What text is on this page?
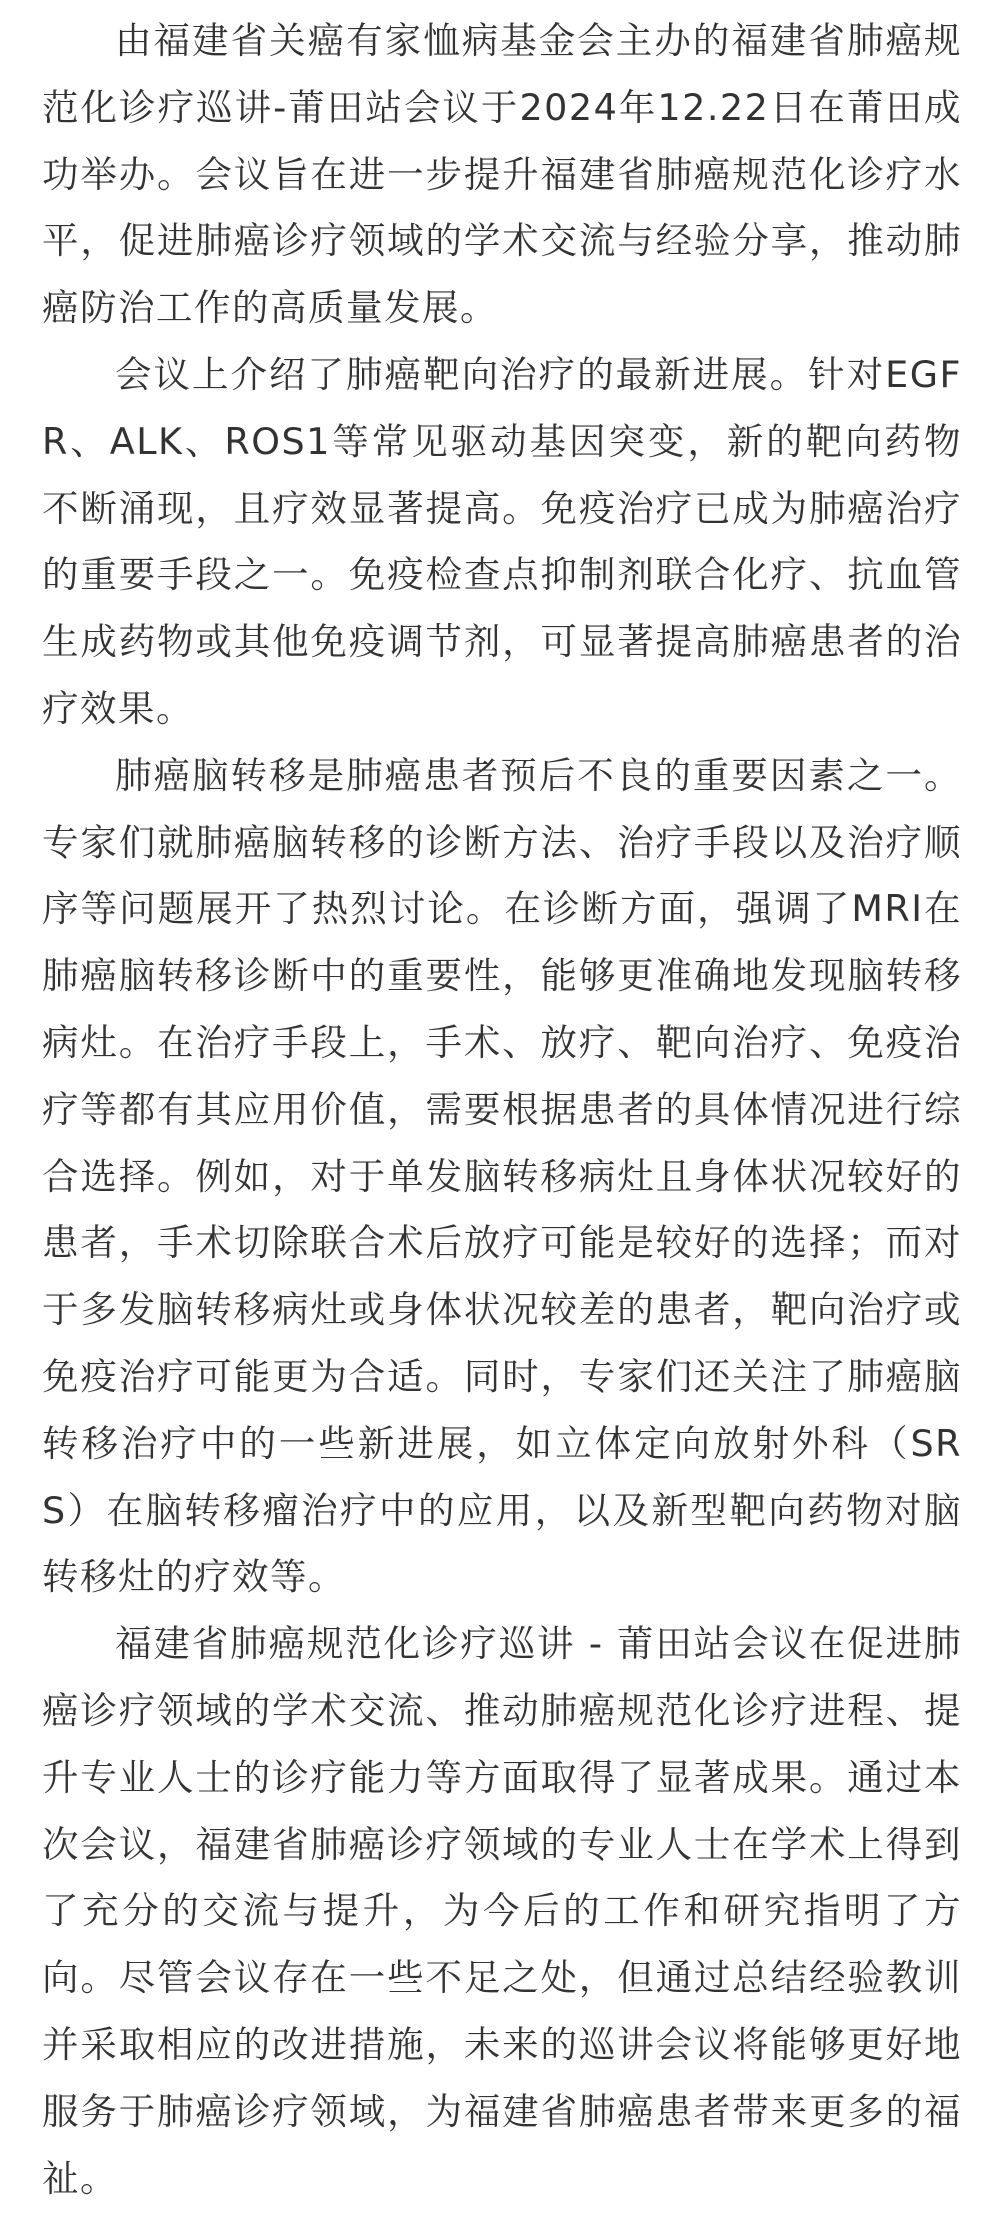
由福建省关癌有家恤病基金会主办的福建省肺癌规范化诊疗巡讲-莆田站会议于2024年12.22日在莆田成功举办。会议旨在进一步提升福建省肺癌规范化诊疗水平，促进肺癌诊疗领域的学术交流与经验分享，推动肺癌防治工作的高质量发展。

会议上介绍了肺癌靶向治疗的最新进展。针对EGFR、ALK、ROS1等常见驱动基因突变，新的靶向药物不断涌现，且疗效显著提高。免疫治疗已成为肺癌治疗的重要手段之一。免疫检查点抑制剂联合化疗、抗血管生成药物或其他免疫调节剂，可显著提高肺癌患者的治疗效果。

肺癌脑转移是肺癌患者预后不良的重要因素之一。专家们就肺癌脑转移的诊断方法、治疗手段以及治疗顺序等问题展开了热烈讨论。在诊断方面，强调了MRI在肺癌脑转移诊断中的重要性，能够更准确地发现脑转移病灶。在治疗手段上，手术、放疗、靶向治疗、免疫治疗等都有其应用价值，需要根据患者的具体情况进行综合选择。例如，对于单发脑转移病灶且身体状况较好的患者，手术切除联合术后放疗可能是较好的选择；而对于多发脑转移病灶或身体状况较差的患者，靶向治疗或免疫治疗可能更为合适。同时，专家们还关注了肺癌脑转移治疗中的一些新进展，如立体定向放射外科（SRS）在脑转移瘤治疗中的应用，以及新型靶向药物对脑转移灶的疗效等。

福建省肺癌规范化诊疗巡讲 - 莆田站会议在促进肺癌诊疗领域的学术交流、推动肺癌规范化诊疗进程、提升专业人士的诊疗能力等方面取得了显著成果。通过本次会议，福建省肺癌诊疗领域的专业人士在学术上得到了充分的交流与提升，为今后的工作和研究指明了方向。尽管会议存在一些不足之处，但通过总结经验教训并采取相应的改进措施，未来的巡讲会议将能够更好地服务于肺癌诊疗领域，为福建省肺癌患者带来更多的福祉。
